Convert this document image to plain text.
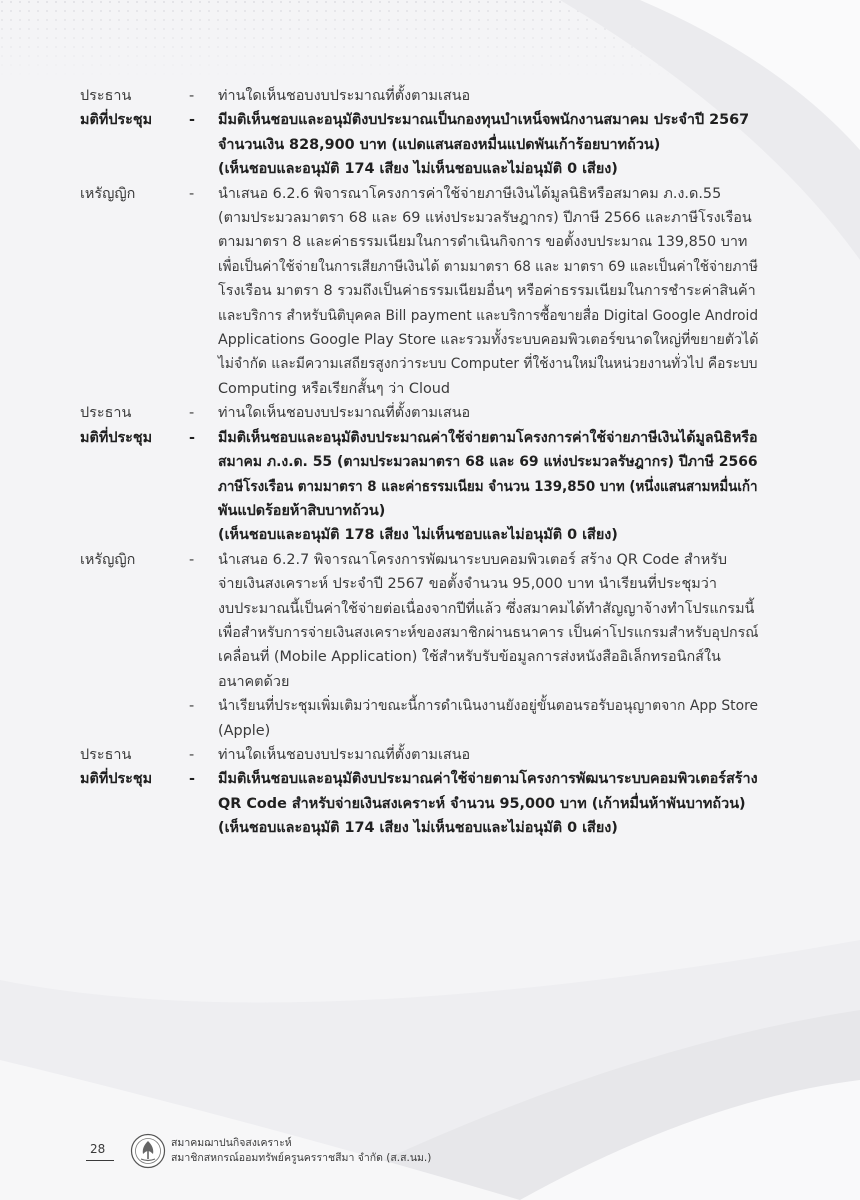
ประธาน	- ท่านใดเห็นชอบงบประมาณที่ตั้งตามเสนอ
มติที่ประชุม	- มีมติเห็นชอบและอนุมัติงบประมาณเป็นกองทุนบำเหน็จพนักงานสมาคม ประจำปี 2567
จำนวนเงิน 828,900 บาท (แปดแสนสองหมื่นแปดพันเก้าร้อยบาทถ้วน)
(เห็นชอบและอนุมัติ 174 เสียง ไม่เห็นชอบและไม่อนุมัติ 0 เสียง)
เหรัญญิก	- นำเสนอ 6.2.6 พิจารณาโครงการค่าใช้จ่ายภาษีเงินได้มูลนิธิหรือสมาคม ภ.ง.ด.55
(ตามประมวลมาตรา 68 และ 69 แห่งประมวลรัษฎากร) ปีภาษี 2566 และภาษีโรงเรือน
ตามมาตรา 8 และค่าธรรมเนียมในการดำเนินกิจการ ขอตั้งงบประมาณ 139,850 บาท
เพื่อเป็นค่าใช้จ่ายในการเสียภาษีเงินได้ ตามมาตรา 68 และ มาตรา 69 และเป็นค่าใช้จ่ายภาษี
โรงเรือน มาตรา 8 รวมถึงเป็นค่าธรรมเนียมอื่นๆ หรือค่าธรรมเนียมในการชำระค่าสินค้า
และบริการ สำหรับนิติบุคคล Bill payment และบริการซื้อขายสื่อ Digital Google Android
Applications Google Play Store และรวมทั้งระบบคอมพิวเตอร์ขนาดใหญ่ที่ขยายตัวได้
ไม่จำกัด และมีความเสถียรสูงกว่าระบบ Computer ที่ใช้งานใหม่ในหน่วยงานทั่วไป คือระบบ
Computing หรือเรียกสั้นๆ ว่า Cloud
ประธาน	- ท่านใดเห็นชอบงบประมาณที่ตั้งตามเสนอ
มติที่ประชุม	- มีมติเห็นชอบและอนุมัติงบประมาณค่าใช้จ่ายตามโครงการค่าใช้จ่ายภาษีเงินได้มูลนิธิหรือ
สมาคม ภ.ง.ด. 55 (ตามประมวลมาตรา 68 และ 69 แห่งประมวลรัษฎากร) ปีภาษี 2566
ภาษีโรงเรือน ตามมาตรา 8 และค่าธรรมเนียม จำนวน 139,850 บาท (หนึ่งแสนสามหมื่นเก้า
พันแปดร้อยห้าสิบบาทถ้วน)
(เห็นชอบและอนุมัติ 178 เสียง ไม่เห็นชอบและไม่อนุมัติ 0 เสียง)
เหรัญญิก	- นำเสนอ 6.2.7 พิจารณาโครงการพัฒนาระบบคอมพิวเตอร์ สร้าง QR Code สำหรับ
จ่ายเงินสงเคราะห์ ประจำปี 2567 ขอตั้งจำนวน 95,000 บาท นำเรียนที่ประชุมว่า
งบประมาณนี้เป็นค่าใช้จ่ายต่อเนื่องจากปีที่แล้ว ซึ่งสมาคมได้ทำสัญญาจ้างทำโปรแกรมนี้
เพื่อสำหรับการจ่ายเงินสงเคราะห์ของสมาชิกผ่านธนาคาร เป็นค่าโปรแกรมสำหรับอุปกรณ์
เคลื่อนที่ (Mobile Application) ใช้สำหรับรับข้อมูลการส่งหนังสืออิเล็กทรอนิกส์ใน
อนาคตด้วย
- นำเรียนที่ประชุมเพิ่มเติมว่าขณะนี้การดำเนินงานยังอยู่ขั้นตอนรอรับอนุญาตจาก App Store
(Apple)
ประธาน	- ท่านใดเห็นชอบงบประมาณที่ตั้งตามเสนอ
มติที่ประชุม	- มีมติเห็นชอบและอนุมัติงบประมาณค่าใช้จ่ายตามโครงการพัฒนาระบบคอมพิวเตอร์สร้าง
QR Code สำหรับจ่ายเงินสงเคราะห์ จำนวน 95,000 บาท (เก้าหมื่นห้าพันบาทถ้วน)
(เห็นชอบและอนุมัติ 174 เสียง ไม่เห็นชอบและไม่อนุมัติ 0 เสียง)
28	สมาคมฌาปนกิจสงเคราะห์
สมาชิกสหกรณ์ออมทรัพย์ครูนครราชสีมา จำกัด (ส.ส.นม.)
